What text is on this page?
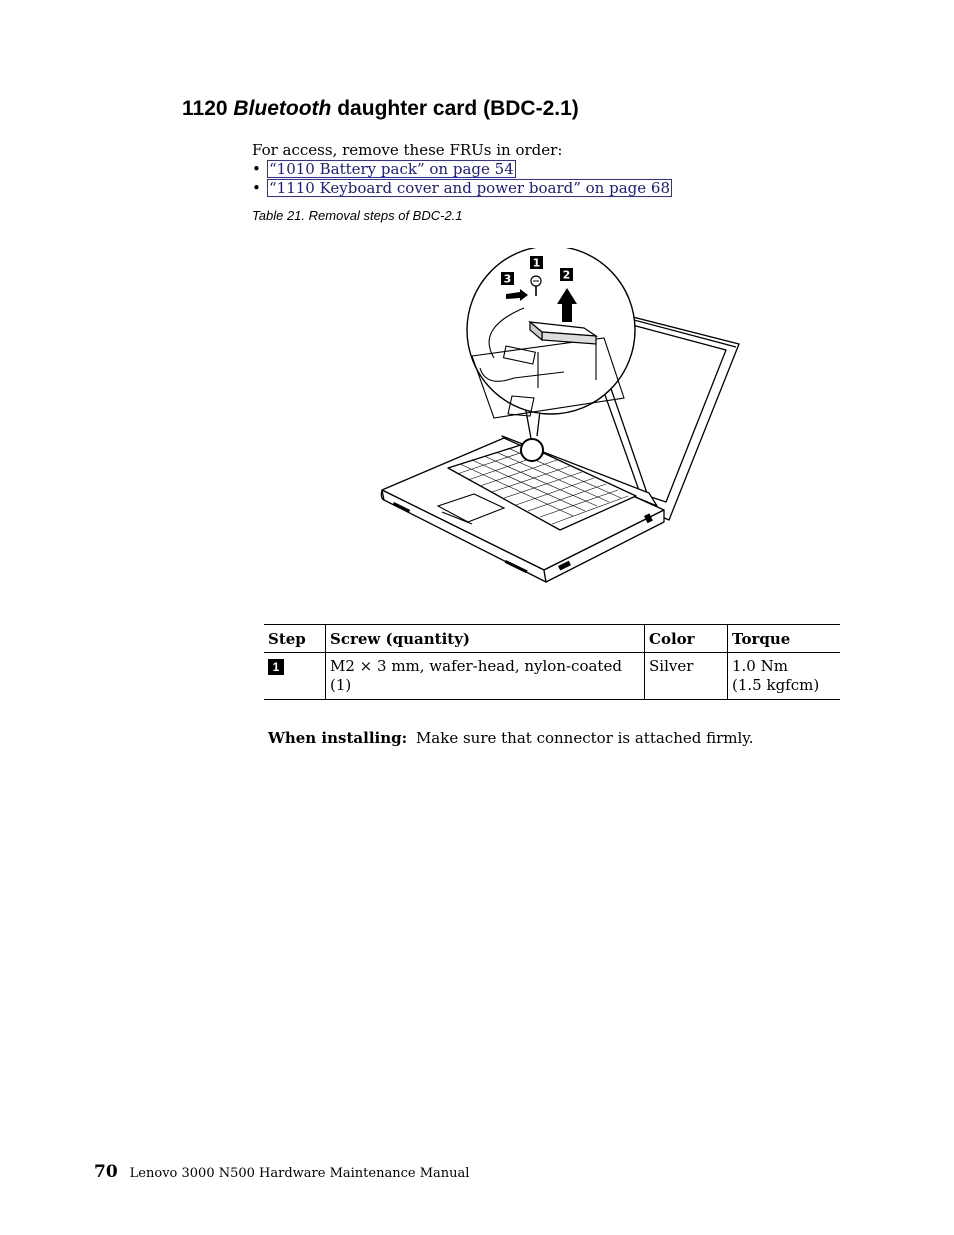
1120 Bluetooth daughter card (BDC-2.1)
For access, remove these FRUs in order:
• “1010 Battery pack” on page 54
• “1110 Keyboard cover and power board” on page 68
Table 21. Removal steps of BDC-2.1
1
2
3
Step	Screw (quantity)	Color	Torque
1	M2 × 3 mm, wafer-head, nylon-coated (1)	Silver	1.0 Nm
(1.5 kgfcm)
When installing: Make sure that connector is attached firmly.
70 Lenovo 3000 N500 Hardware Maintenance Manual
